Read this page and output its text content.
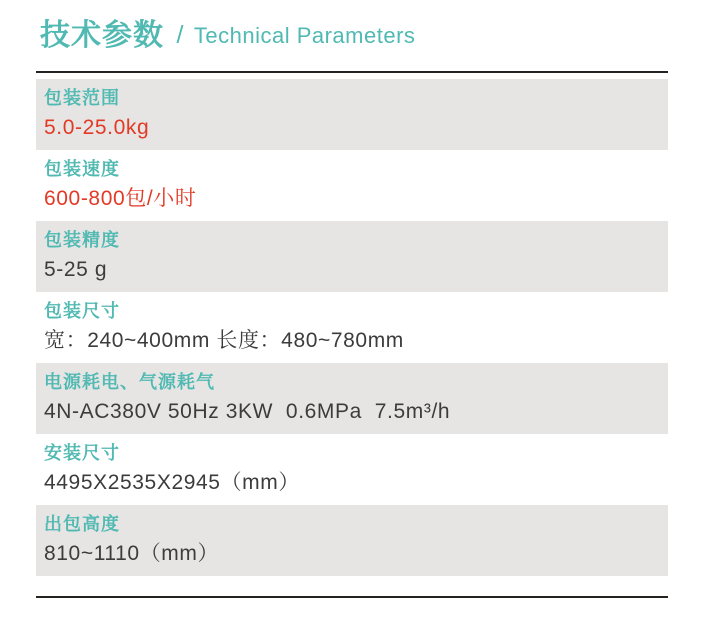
技术参数 / Technical Parameters
包装范围
5.0-25.0kg
包装速度
600-800包/小时
包装精度
5-25 g
包装尺寸
宽：240~400mm 长度：480~780mm
电源耗电、气源耗气
4N-AC380V 50Hz 3KW  0.6MPa  7.5m³/h
安装尺寸
4495X2535X2945（mm）
出包高度
810~1110（mm）
